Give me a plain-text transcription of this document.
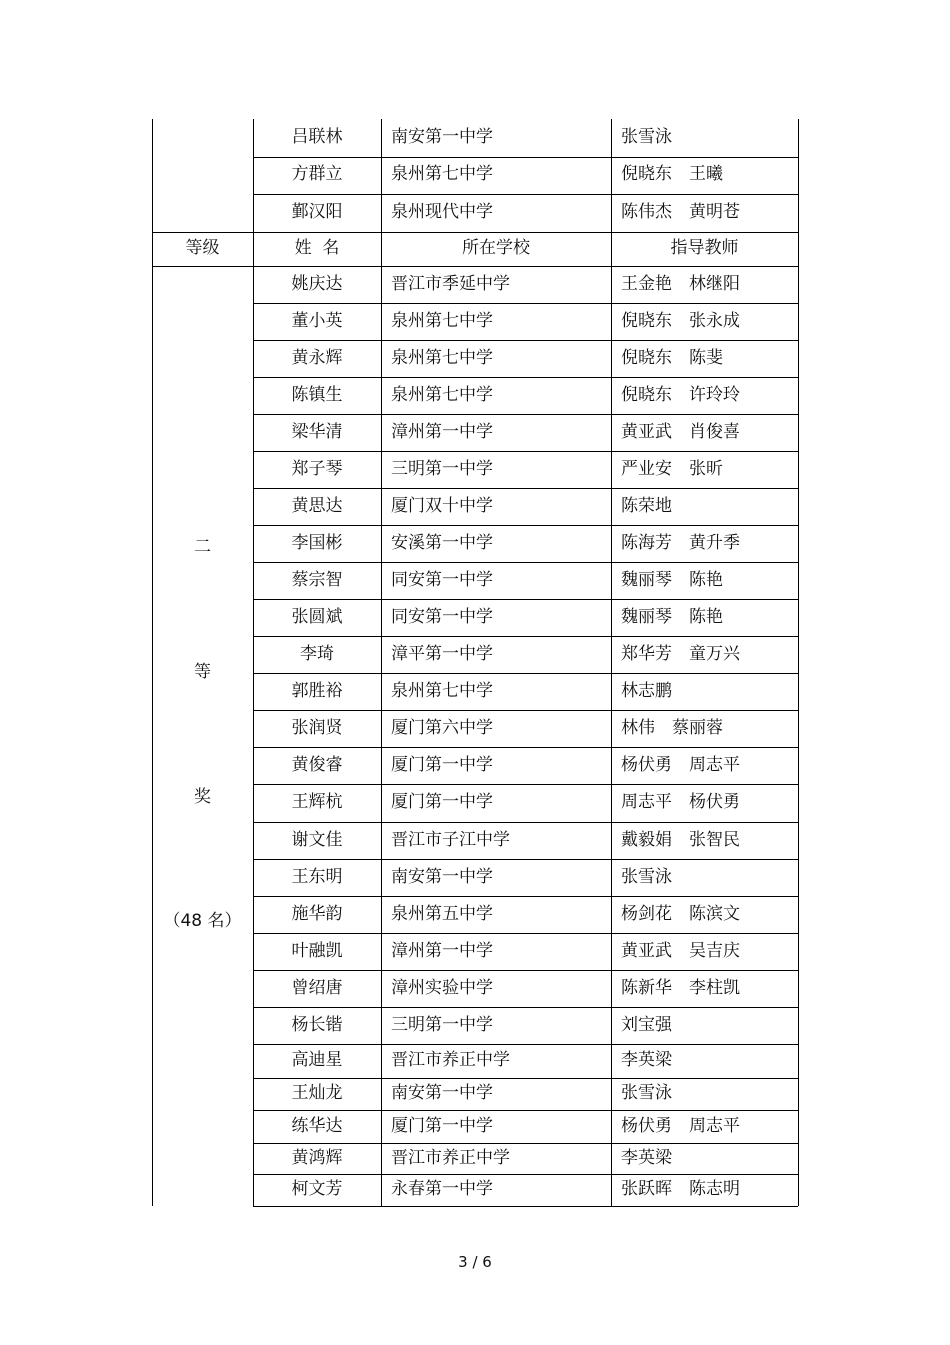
吕联林	南安第一中学	张雪泳
方群立	泉州第七中学	倪晓东　王曦
鄞汉阳	泉州现代中学	陈伟杰　黄明苍
等级	姓  名	所在学校	指导教师
姚庆达	晋江市季延中学	王金艳　林继阳
董小英	泉州第七中学	倪晓东　张永成
黄永辉	泉州第七中学	倪晓东　陈斐
陈镇生	泉州第七中学	倪晓东　许玲玲
梁华清	漳州第一中学	黄亚武　肖俊喜
郑子琴	三明第一中学	严业安　张昕
黄思达	厦门双十中学	陈荣地
李国彬	安溪第一中学	陈海芳　黄升季
蔡宗智	同安第一中学	魏丽琴　陈艳
张圆斌	同安第一中学	魏丽琴　陈艳
李琦	漳平第一中学	郑华芳　童万兴
郭胜裕	泉州第七中学	林志鹏
张润贤	厦门第六中学	林伟　蔡丽蓉
黄俊睿	厦门第一中学	杨伏勇　周志平
王辉杭	厦门第一中学	周志平　杨伏勇
谢文佳	晋江市子江中学	戴毅娟　张智民
王东明	南安第一中学	张雪泳
施华韵	泉州第五中学	杨剑花　陈滨文
叶融凯	漳州第一中学	黄亚武　吴吉庆
曾绍唐	漳州实验中学	陈新华　李柱凯
杨长锴	三明第一中学	刘宝强
高迪星	晋江市养正中学	李英梁
王灿龙	南安第一中学	张雪泳
练华达	厦门第一中学	杨伏勇　周志平
黄鸿辉	晋江市养正中学	李英梁
柯文芳	永春第一中学	张跃晖　陈志明
二
等
奖
（48 名）
3 / 6
